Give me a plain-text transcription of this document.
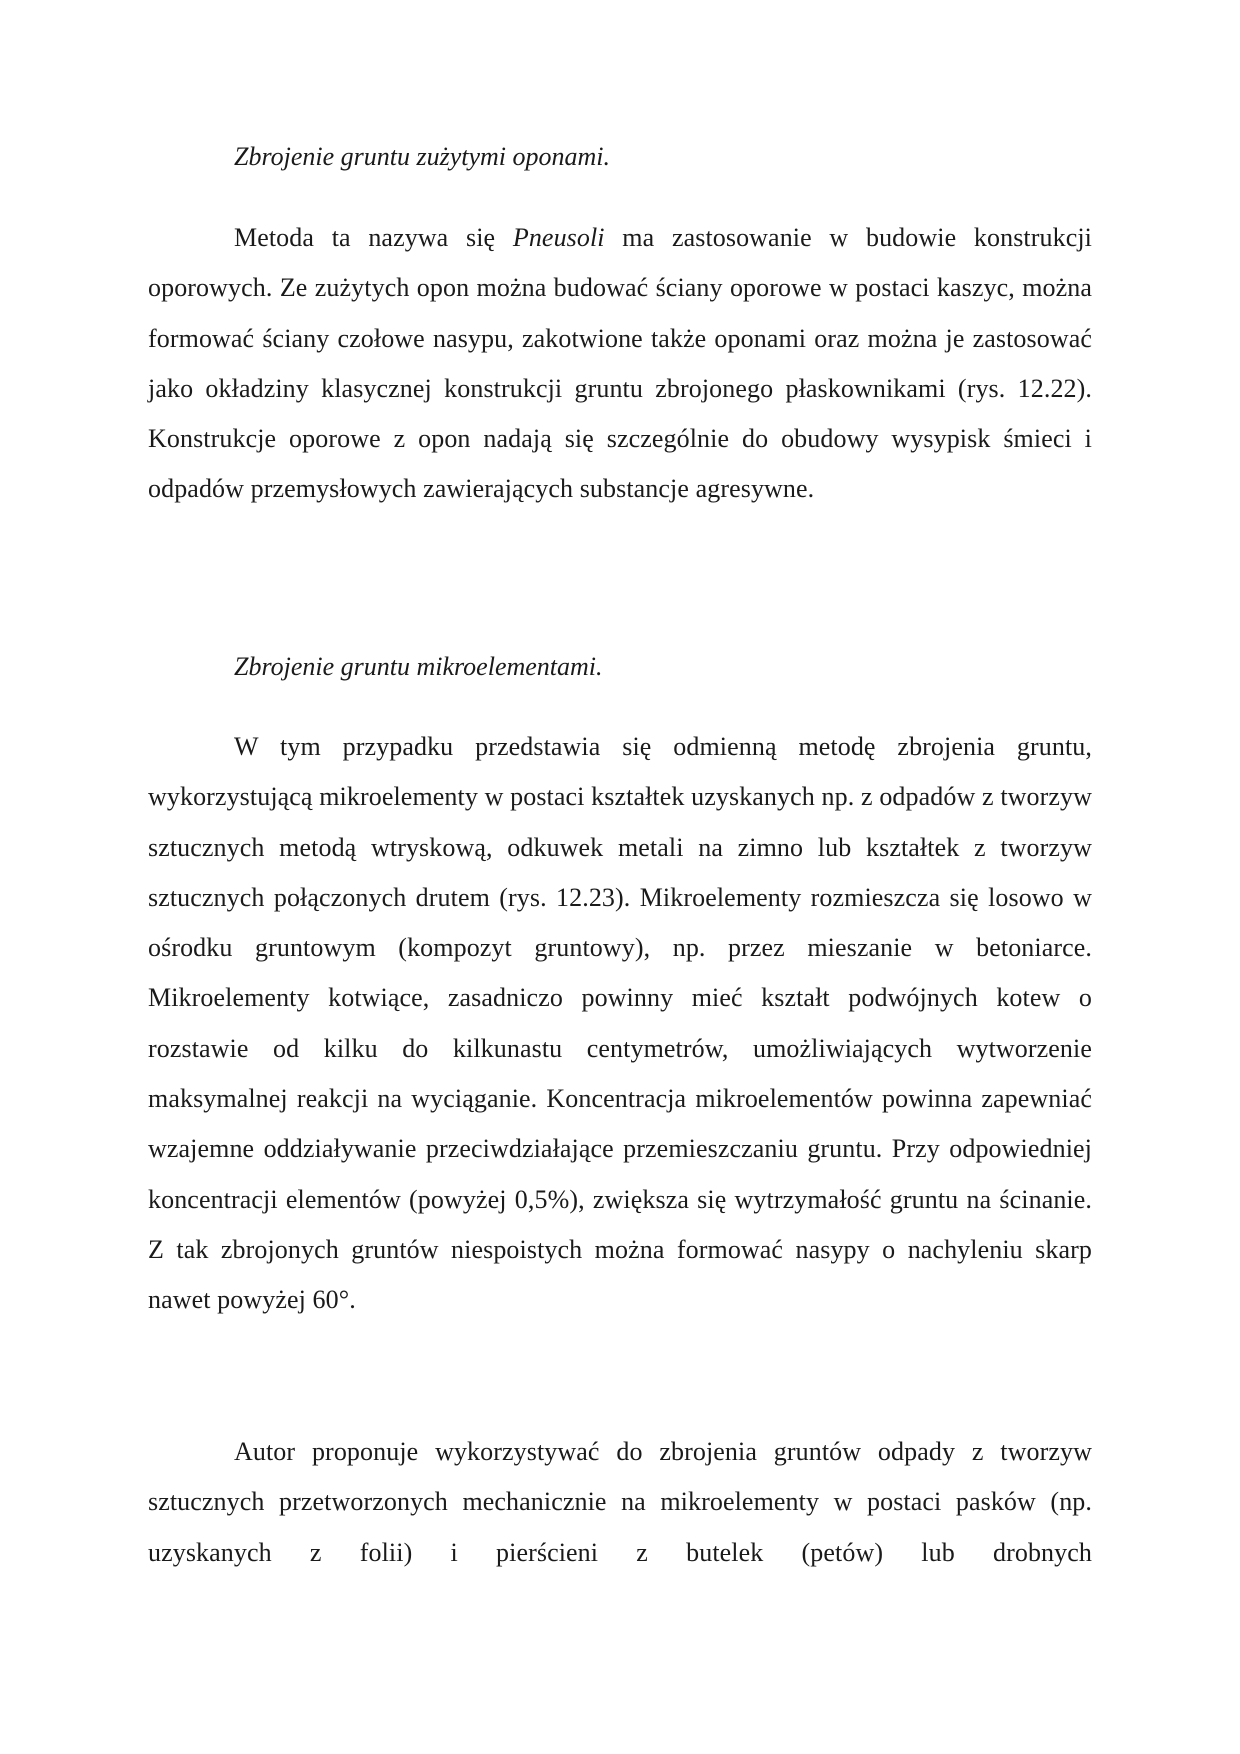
Zbrojenie gruntu zużytymi oponami.

Metoda ta nazywa się Pneusoli ma zastosowanie w budowie konstrukcji oporowych. Ze zużytych opon można budować ściany oporowe w postaci kaszyc, można formować ściany czołowe nasypu, zakotwione także oponami oraz można je zastosować jako okładziny klasycznej konstrukcji gruntu zbrojonego płaskownikami (rys. 12.22). Konstrukcje oporowe z opon nadają się szczególnie do obudowy wysypisk śmieci i odpadów przemysłowych zawierających substancje agresywne.

Zbrojenie gruntu mikroelementami.

W tym przypadku przedstawia się odmienną metodę zbrojenia gruntu, wykorzystującą mikroelementy w postaci kształtek uzyskanych np. z odpadów z tworzyw sztucznych metodą wtryskową, odkuwek metali na zimno lub kształtek z tworzyw sztucznych połączonych drutem (rys. 12.23). Mikroelementy rozmieszcza się losowo w ośrodku gruntowym (kompozyt gruntowy), np. przez mieszanie w betoniarce. Mikroelementy kotwiące, zasadniczo powinny mieć kształt podwójnych kotew o rozstawie od kilku do kilkunastu centymetrów, umożliwiających wytworzenie maksymalnej reakcji na wyciąganie. Koncentracja mikroelementów powinna zapewniać wzajemne oddziaływanie przeciwdziałające przemieszczaniu gruntu. Przy odpowiedniej koncentracji elementów (powyżej 0,5%), zwiększa się wytrzymałość gruntu na ścinanie. Z tak zbrojonych gruntów niespoistych można formować nasypy o nachyleniu skarp nawet powyżej 60°.

Autor proponuje wykorzystywać do zbrojenia gruntów odpady z tworzyw sztucznych przetworzonych mechanicznie na mikroelementy w postaci pasków (np. uzyskanych z folii) i pierścieni z butelek (petów) lub drobnych
